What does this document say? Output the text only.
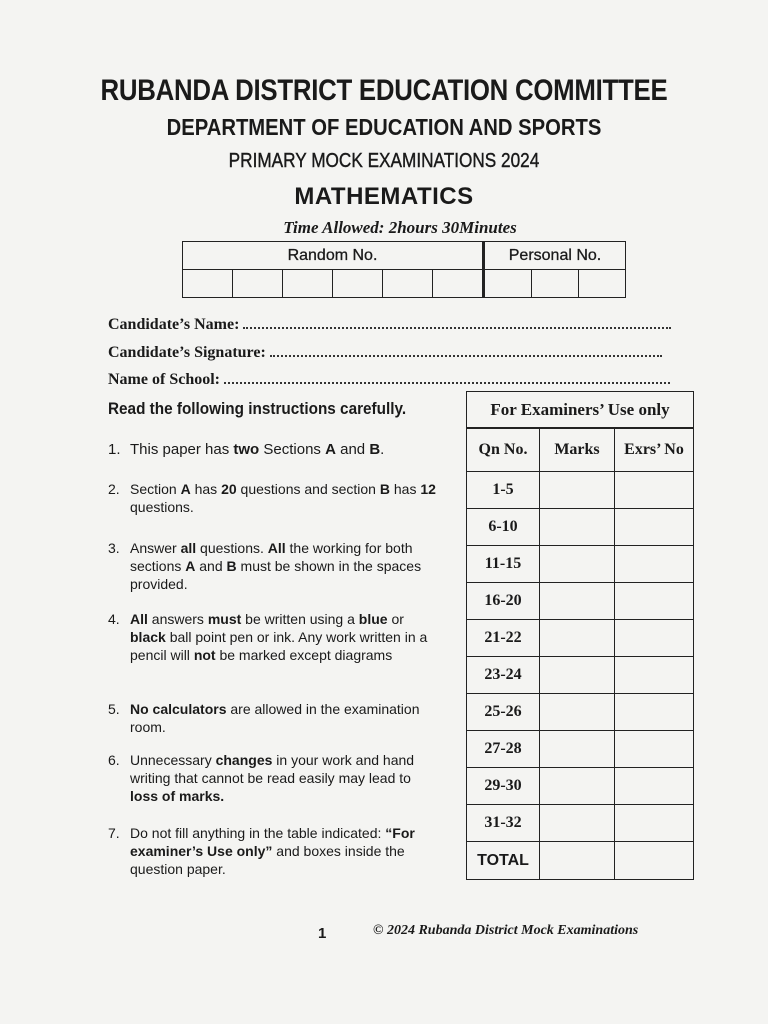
RUBANDA DISTRICT EDUCATION COMMITTEE
DEPARTMENT OF EDUCATION AND SPORTS
PRIMARY MOCK EXAMINATIONS 2024
MATHEMATICS
Time Allowed: 2hours 30Minutes
Random No.						Personal No.		

Candidate’s Name:
Candidate’s Signature:
Name of School:
Read the following instructions carefully.
1. This paper has two Sections A and B.
2. Section A has 20 questions and section B has 12 questions.
3. Answer all questions. All the working for both sections A and B must be shown in the spaces provided.
4. All answers must be written using a blue or black ball point pen or ink. Any work written in a pencil will not be marked except diagrams
5. No calculators are allowed in the examination room.
6. Unnecessary changes in your work and hand writing that cannot be read easily may lead to loss of marks.
7. Do not fill anything in the table indicated: “For examiner’s Use only” and boxes inside the question paper.
For Examiners’ Use only
Qn No.	Marks	Exrs’ No
1-5		
6-10		
11-15		
16-20		
21-22		
23-24		
25-26		
27-28		
29-30		
31-32		
TOTAL		
1	© 2024 Rubanda District Mock Examinations
